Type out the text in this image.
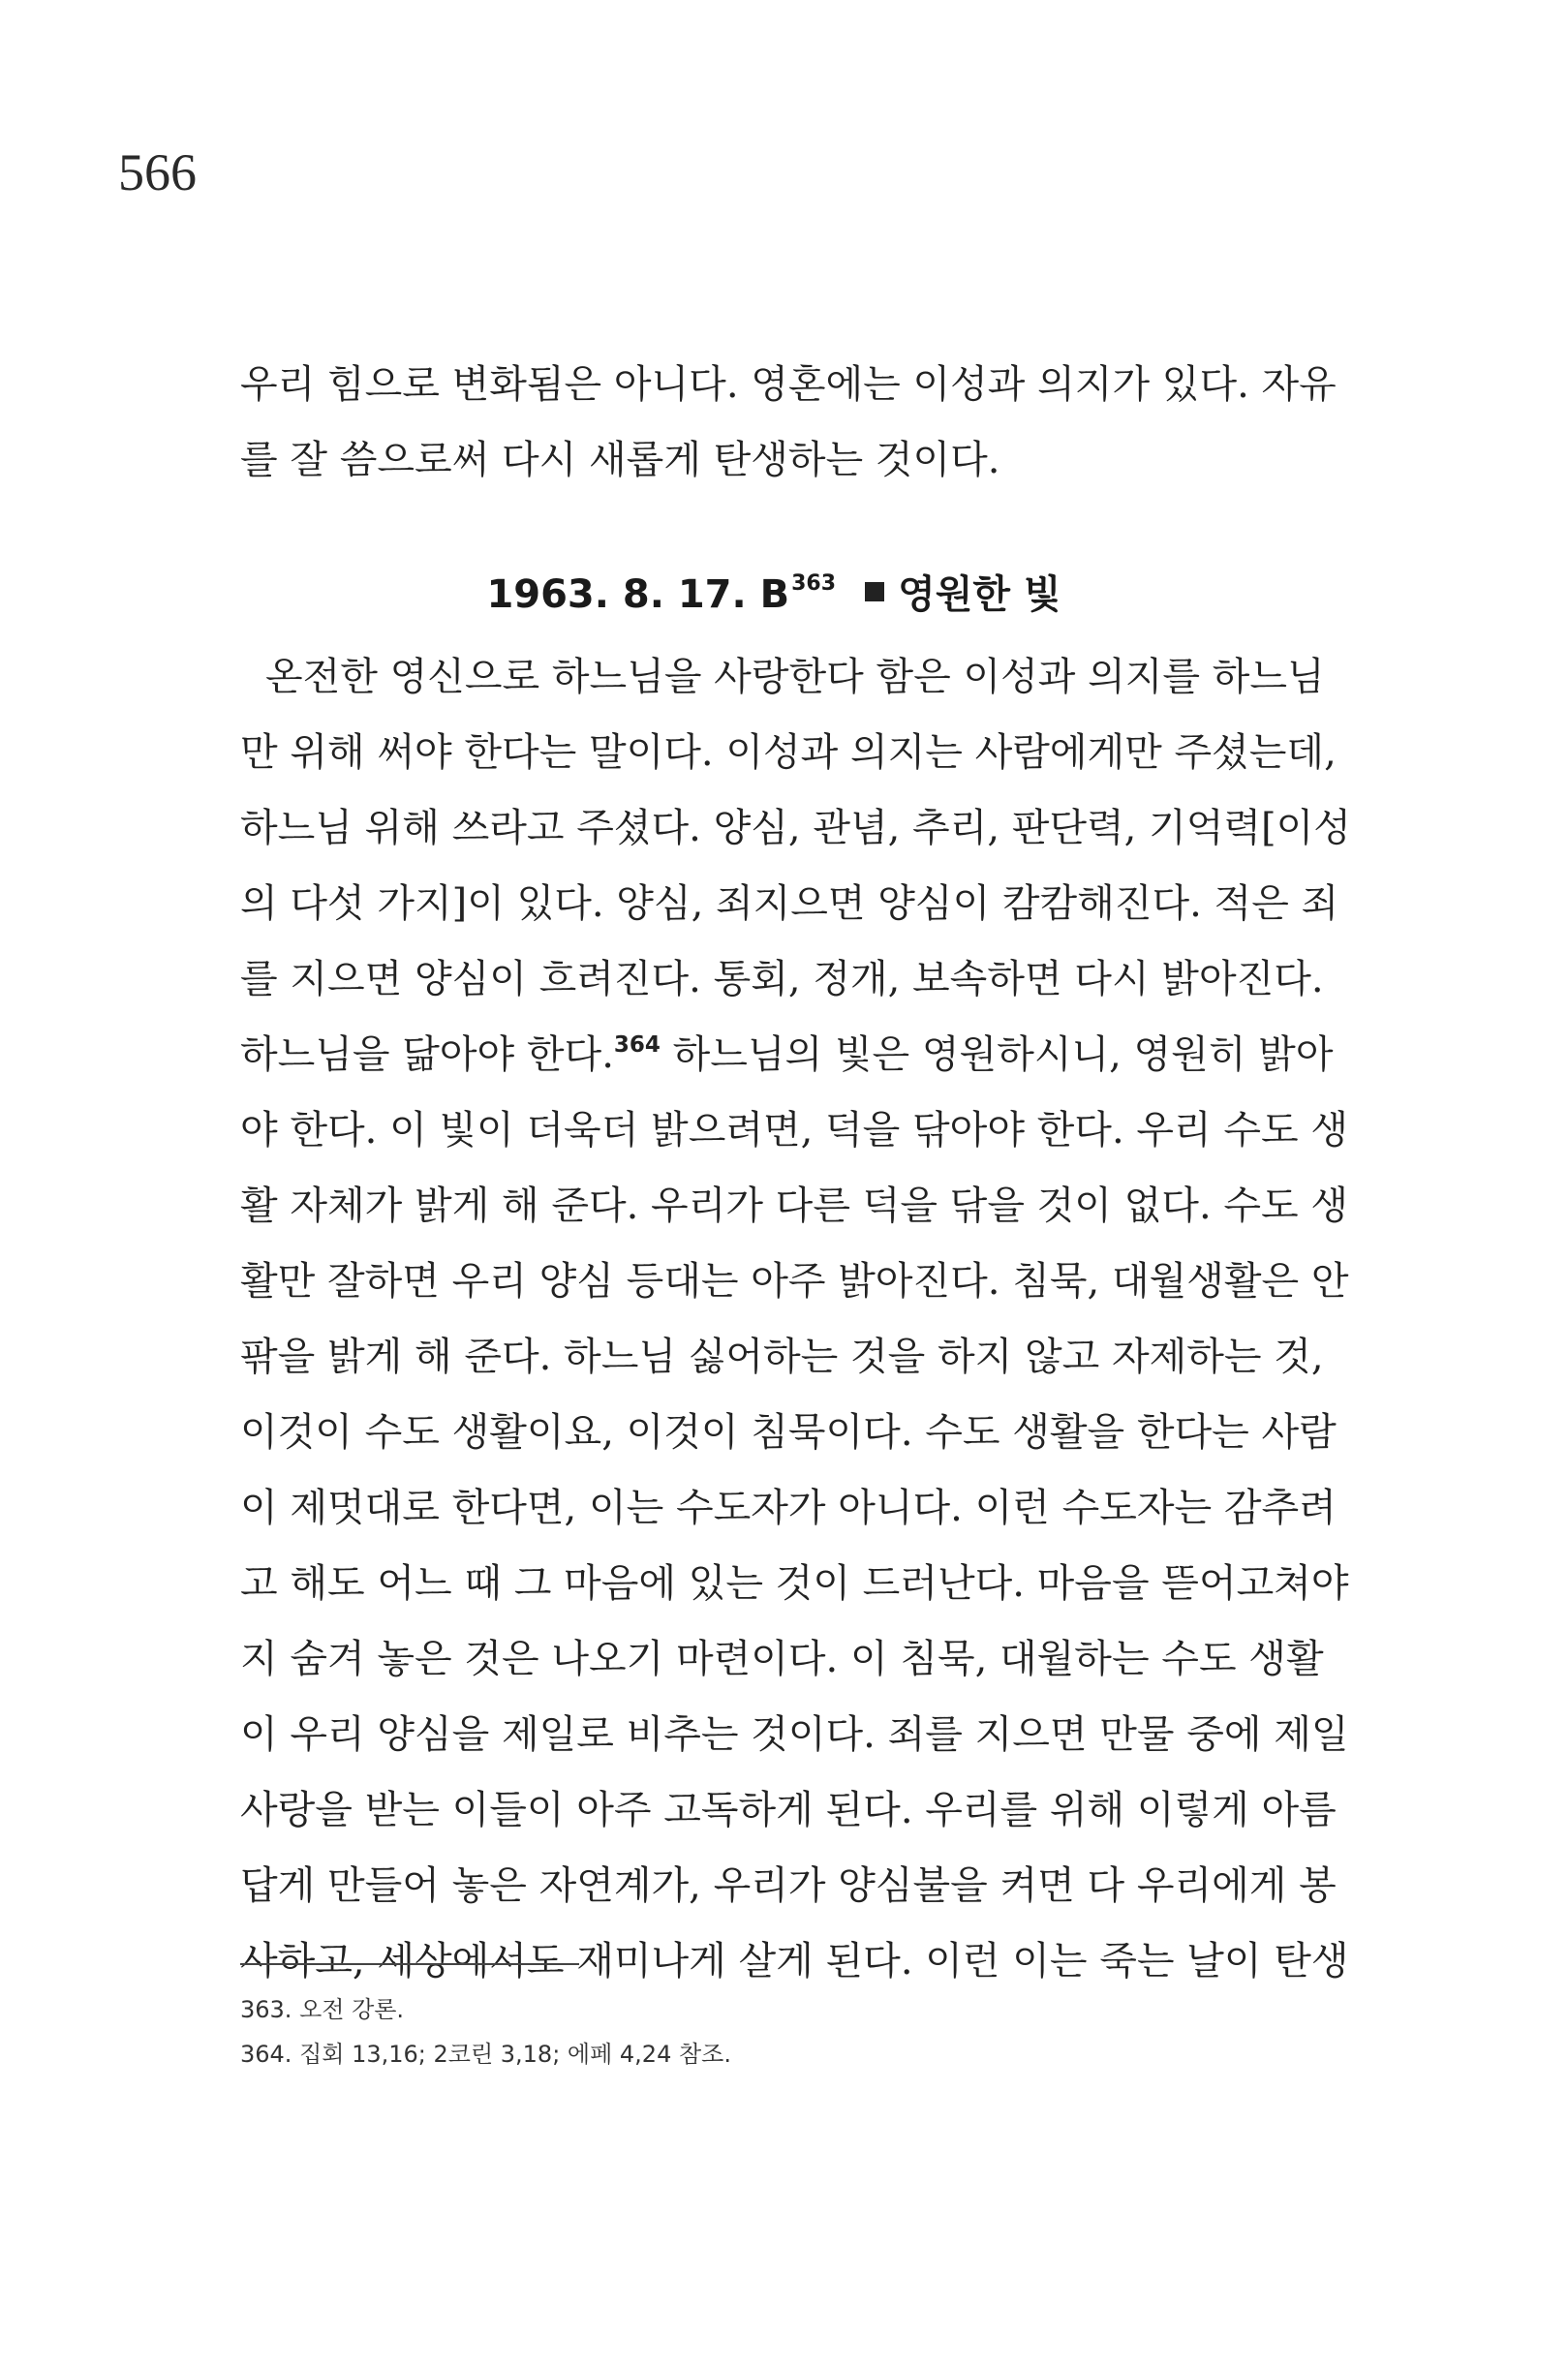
566
우리 힘으로 변화됨은 아니다. 영혼에는 이성과 의지가 있다. 자유
를 잘 씀으로써 다시 새롭게 탄생하는 것이다.
1963. 8. 17. $B^{363}$ 영원한 빛
온전한 영신으로 하느님을 사랑한다 함은 이성과 의지를 하느님
만 위해 써야 한다는 말이다. 이성과 의지는 사람에게만 주셨는데,
하느님 위해 쓰라고 주셨다. 양심, 관념, 추리, 판단력, 기억력[이성
의 다섯 가지]이 있다. 양심, 죄지으면 양심이 캄캄해진다. 적은 죄
를 지으면 양심이 흐려진다. 통회, 정개, 보속하면 다시 밝아진다.
하느님을 닮아야 한다.$^{364}$ 하느님의 빛은 영원하시니, 영원히 밝아
야 한다. 이 빛이 더욱더 밝으려면, 덕을 닦아야 한다. 우리 수도 생
활 자체가 밝게 해 준다. 우리가 다른 덕을 닦을 것이 없다. 수도 생
활만 잘하면 우리 양심 등대는 아주 밝아진다. 침묵, 대월생활은 안
팎을 밝게 해 준다. 하느님 싫어하는 것을 하지 않고 자제하는 것,
이것이 수도 생활이요, 이것이 침묵이다. 수도 생활을 한다는 사람
이 제멋대로 한다면, 이는 수도자가 아니다. 이런 수도자는 감추려
고 해도 어느 때 그 마음에 있는 것이 드러난다. 마음을 뜯어고쳐야
지 숨겨 놓은 것은 나오기 마련이다. 이 침묵, 대월하는 수도 생활
이 우리 양심을 제일로 비추는 것이다. 죄를 지으면 만물 중에 제일
사랑을 받는 이들이 아주 고독하게 된다. 우리를 위해 이렇게 아름
답게 만들어 놓은 자연계가, 우리가 양심불을 켜면 다 우리에게 봉
사하고, 세상에서도 재미나게 살게 된다. 이런 이는 죽는 날이 탄생
363. 오전 강론.
364. 집회 13,16; 2코린 3,18; 에페 4,24 참조.
